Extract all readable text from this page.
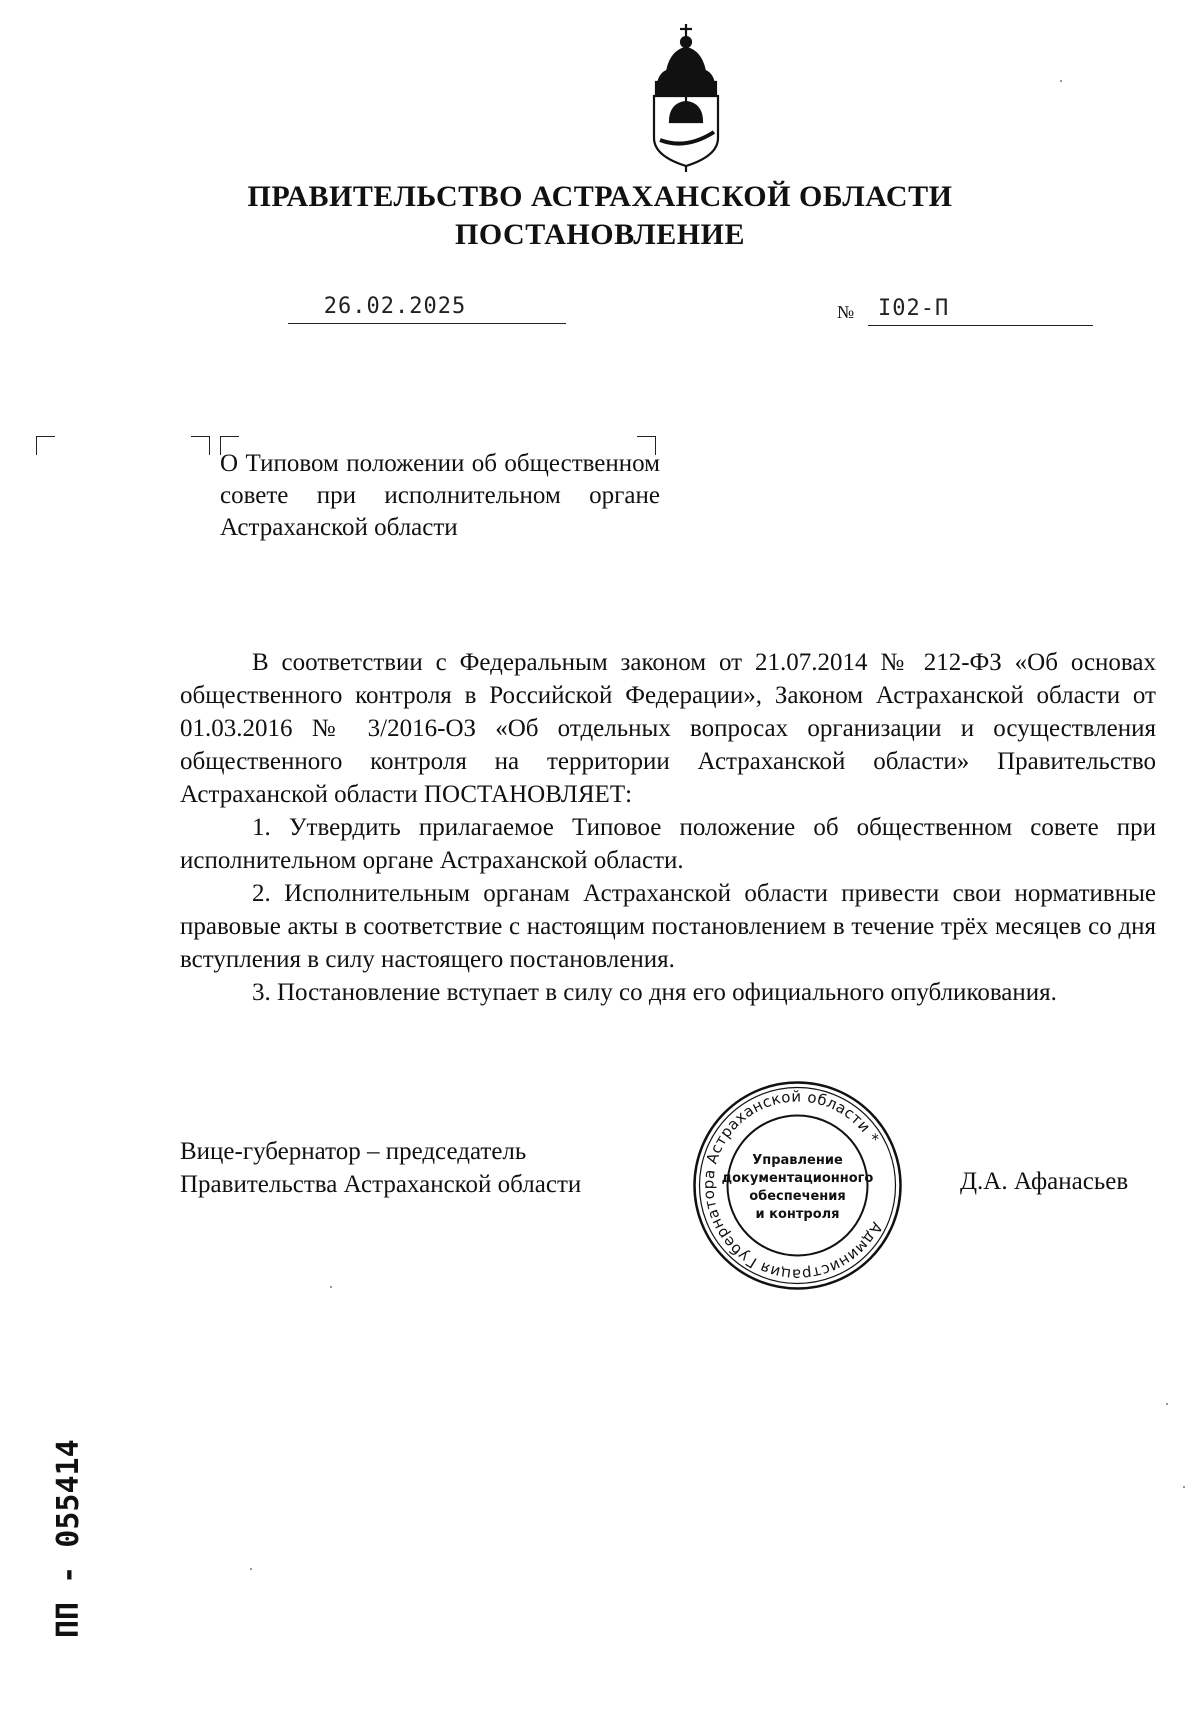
ПРАВИТЕЛЬСТВО АСТРАХАНСКОЙ ОБЛАСТИ
ПОСТАНОВЛЕНИЕ
26.02.2025	№ I02-П
О Типовом положении об общественном совете при исполнительном органе Астраханской области

В соответствии с Федеральным законом от 21.07.2014 № 212-ФЗ «Об основах общественного контроля в Российской Федерации», Законом Астраханской области от 01.03.2016 № 3/2016-ОЗ «Об отдельных вопросах организации и осуществления общественного контроля на территории Астраханской области» Правительство Астраханской области ПОСТАНОВЛЯЕТ:

1. Утвердить прилагаемое Типовое положение об общественном совете при исполнительном органе Астраханской области.

2. Исполнительным органам Астраханской области привести свои нормативные правовые акты в соответствие с настоящим постановлением в течение трёх месяцев со дня вступления в силу настоящего постановления.

3. Постановление вступает в силу со дня его официального опубликования.

Вице-губернатор – председатель
Правительства Астраханской области	Д.А. Афанасьев
Администрация Губернатора Астраханской области *
Управление
документационного
обеспечения
и контроля
ПП - 055414
